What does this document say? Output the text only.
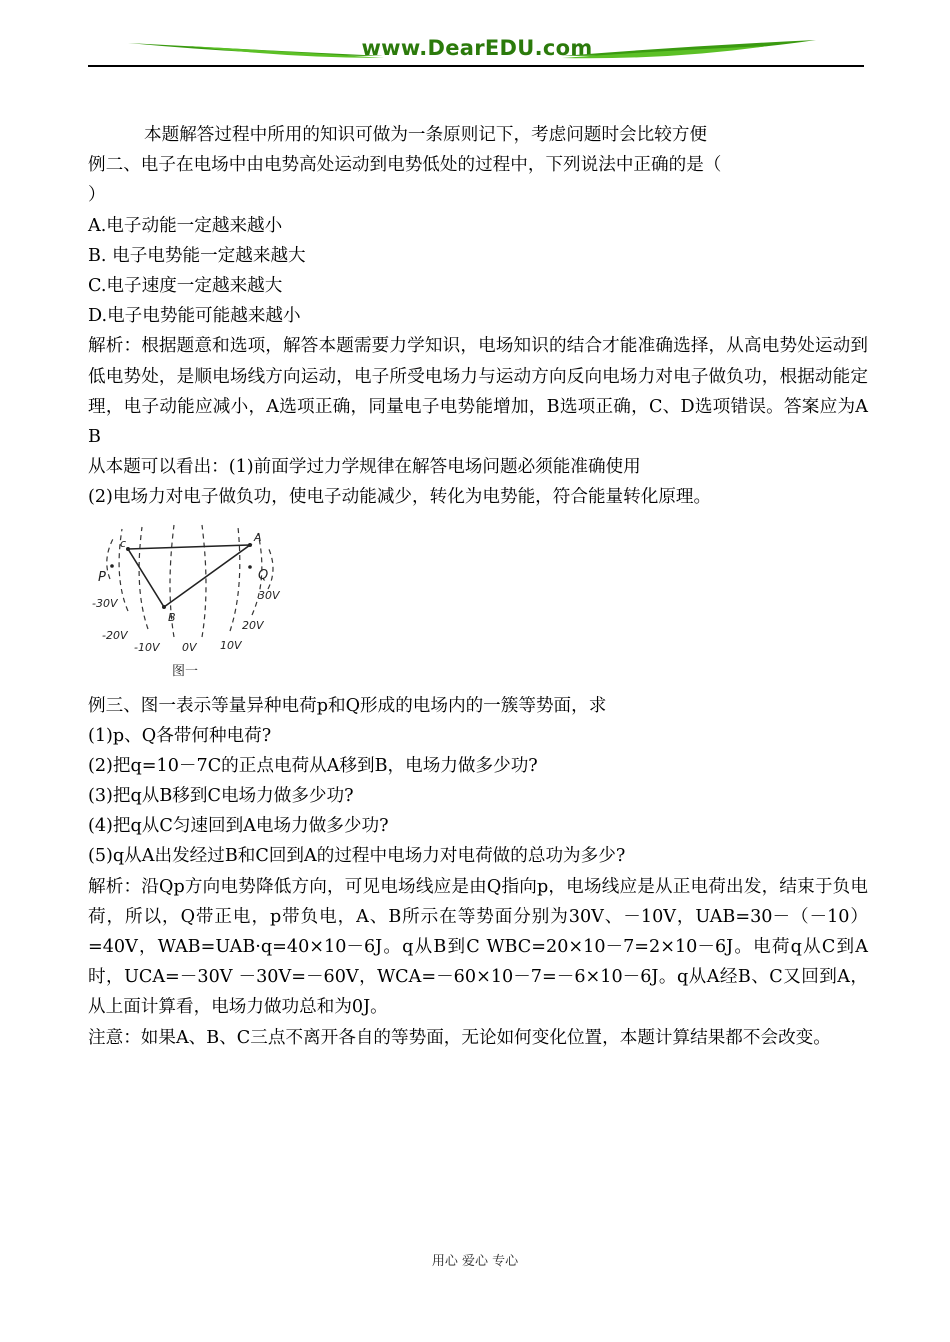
www.DearEDU.com
本题解答过程中所用的知识可做为一条原则记下，考虑问题时会比较方便
例二、电子在电场中由电势高处运动到电势低处的过程中，下列说法中正确的是（
）
A.电子动能一定越来越小
B. 电子电势能一定越来越大
C.电子速度一定越来越大
D.电子电势能可能越来越小
解析：根据题意和选项，解答本题需要力学知识，电场知识的结合才能准确选择，从高电势处运动到低电势处，是顺电场线方向运动，电子所受电场力与运动方向反向电场力对电子做负功，根据动能定理，电子动能应减小，A选项正确，同量电子电势能增加，B选项正确，C、D选项错误。答案应为A B
从本题可以看出：(1)前面学过力学规律在解答电场问题必须能准确使用
(2)电场力对电子做负功，使电子动能减少，转化为电势能，符合能量转化原理。
c	A
B
P	Q
-30V
-20V
-10V 0V 10V
20V
30V
图一
例三、图一表示等量异种电荷p和Q形成的电场内的一簇等势面，求
(1)p、Q各带何种电荷?
(2)把q=10－7C的正点电荷从A移到B，电场力做多少功?
(3)把q从B移到C电场力做多少功?
(4)把q从C匀速回到A电场力做多少功?
(5)q从A出发经过B和C回到A的过程中电场力对电荷做的总功为多少?
解析：沿Qp方向电势降低方向，可见电场线应是由Q指向p，电场线应是从正电荷出发，结束于负电荷，所以，Q带正电，p带负电，A、B所示在等势面分别为30V、－10V，UAB=30－（－10）=40V，WAB=UAB·q=40×10－6J。q从B到C WBC=20×10－7=2×10－6J。电荷q从C到A时，UCA=－30V －30V=－60V，WCA=－60×10－7=－6×10－6J。q从A经B、C又回到A，从上面计算看，电场力做功总和为0J。
注意：如果A、B、C三点不离开各自的等势面，无论如何变化位置，本题计算结果都不会改变。
用心 爱心 专心
